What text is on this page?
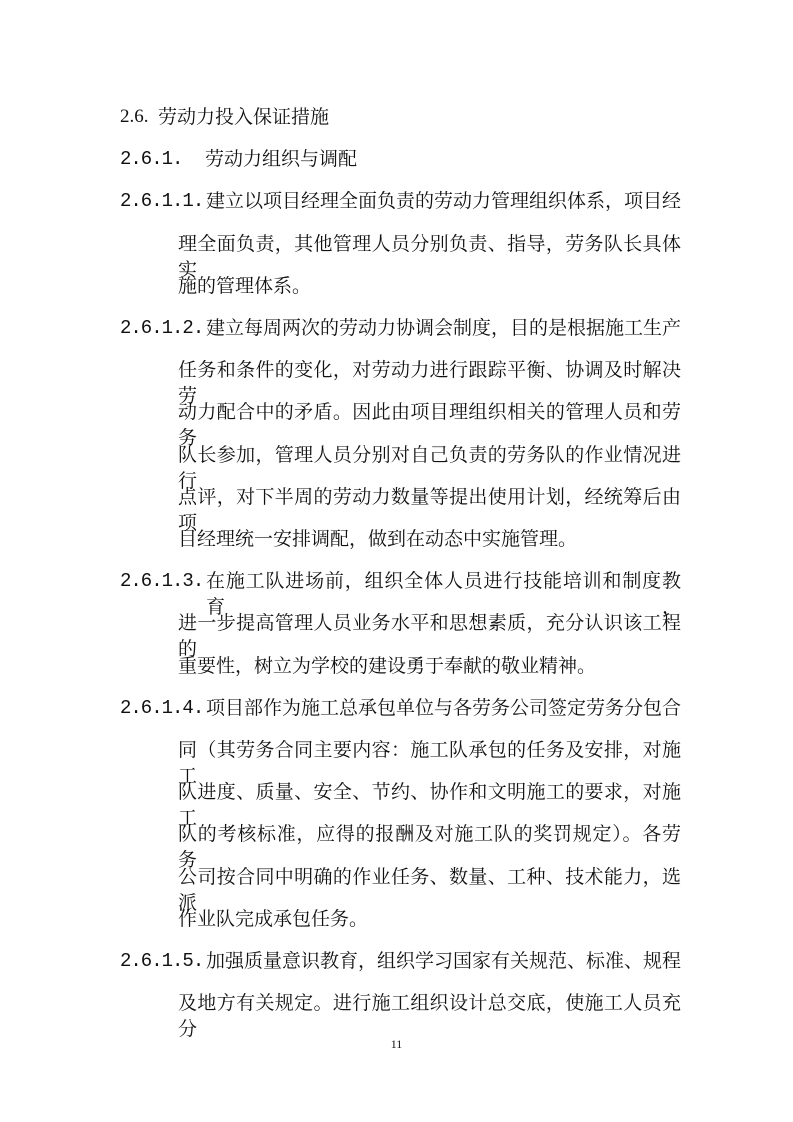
2.6. 劳动力投入保证措施
2.6.1. 劳动力组织与调配
2.6.1.1. 建立以项目经理全面负责的劳动力管理组织体系，项目经
理全面负责，其他管理人员分别负责、指导，劳务队长具体实
施的管理体系。
2.6.1.2. 建立每周两次的劳动力协调会制度，目的是根据施工生产
任务和条件的变化，对劳动力进行跟踪平衡、协调及时解决劳
动力配合中的矛盾。因此由项目理组织相关的管理人员和劳务
队长参加，管理人员分别对自己负责的劳务队的作业情况进行
点评，对下半周的劳动力数量等提出使用计划，经统筹后由项
目经理统一安排调配，做到在动态中实施管理。
2.6.1.3. 在施工队进场前，组织全体人员进行技能培训和制度教育，
进一步提高管理人员业务水平和思想素质，充分认识该工程的
重要性，树立为学校的建设勇于奉献的敬业精神。
2.6.1.4. 项目部作为施工总承包单位与各劳务公司签定劳务分包合
同（其劳务合同主要内容：施工队承包的任务及安排，对施工
队进度、质量、安全、节约、协作和文明施工的要求，对施工
队的考核标准，应得的报酬及对施工队的奖罚规定）。各劳务
公司按合同中明确的作业任务、数量、工种、技术能力，选派
作业队完成承包任务。
2.6.1.5. 加强质量意识教育，组织学习国家有关规范、标准、规程
及地方有关规定。进行施工组织设计总交底，使施工人员充分
11
